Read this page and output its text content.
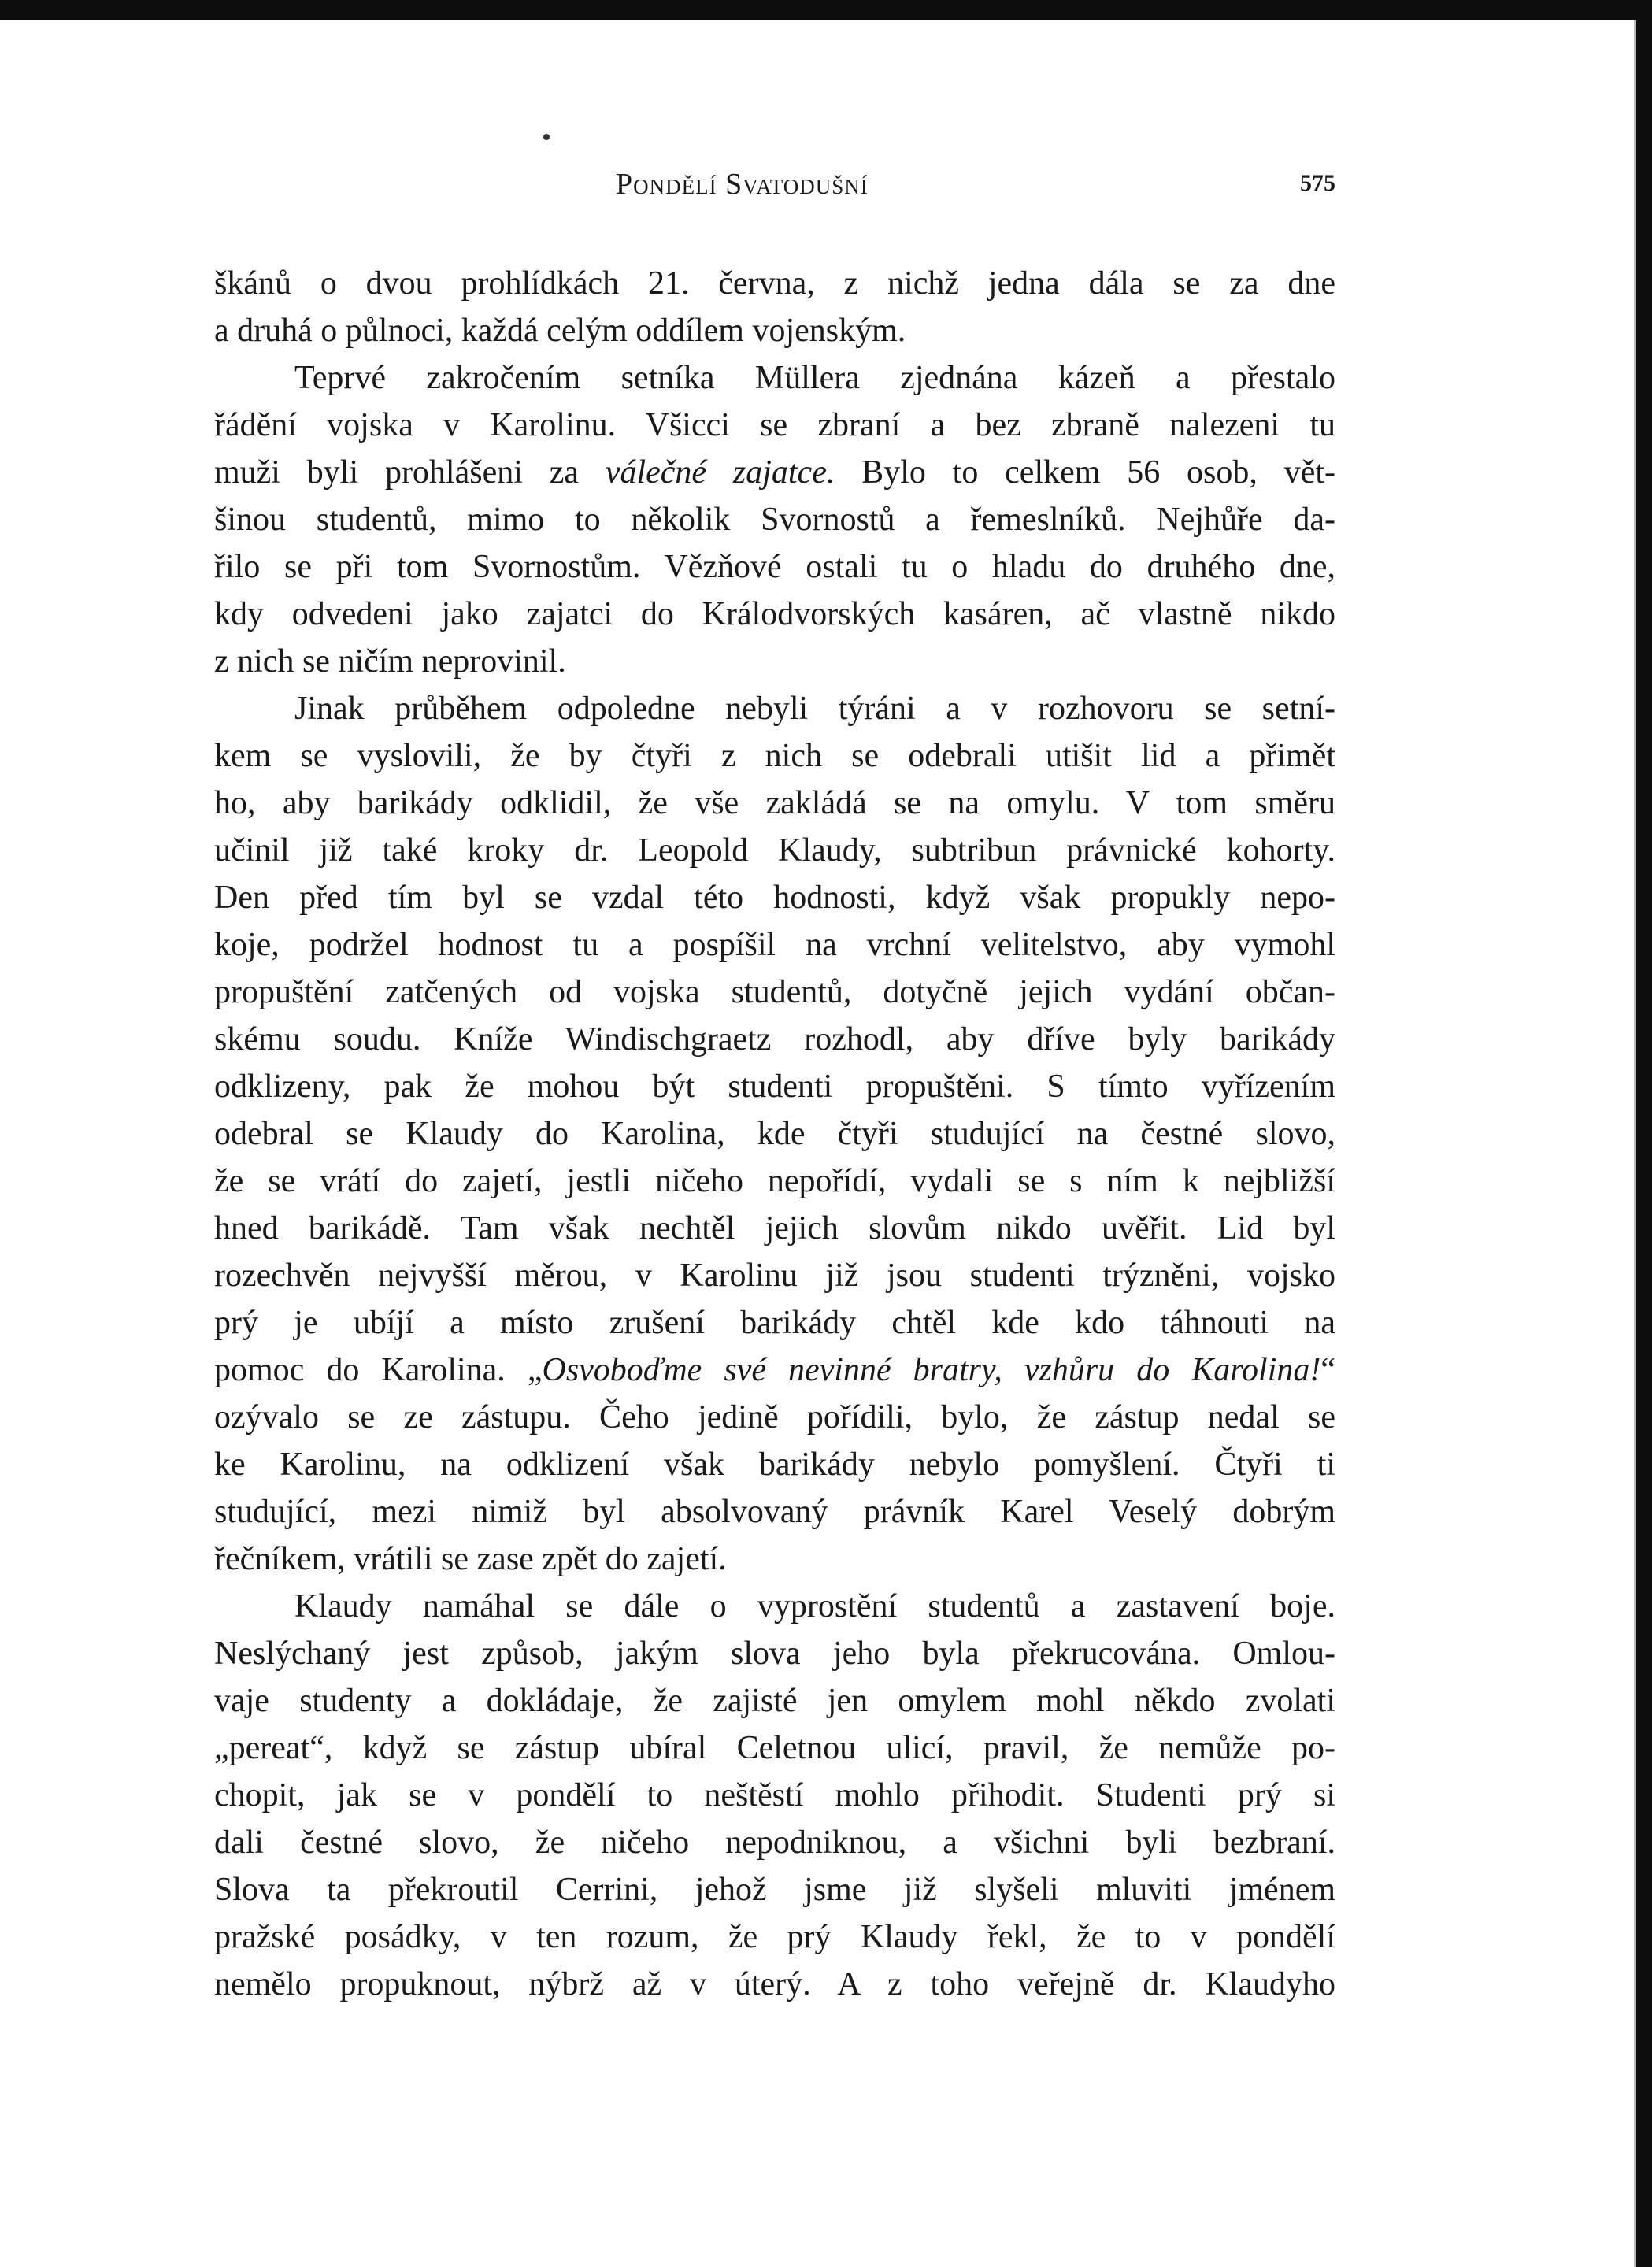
Pondělí Svatodušní	575
škánů o dvou prohlídkách 21. června, z nichž jedna dála se za dne
a druhá o půlnoci, každá celým oddílem vojenským.
Teprvé zakročením setníka Müllera zjednána kázeň a přestalo
řádění vojska v Karolinu. Všicci se zbraní a bez zbraně nalezeni tu
muži byli prohlášeni za válečné zajatce. Bylo to celkem 56 osob, vět-
šinou studentů, mimo to několik Svornostů a řemeslníků. Nejhůře da-
řilo se při tom Svornostům. Vězňové ostali tu o hladu do druhého dne,
kdy odvedeni jako zajatci do Králodvorských kasáren, ač vlastně nikdo
z nich se ničím neprovinil.
Jinak průběhem odpoledne nebyli týráni a v rozhovoru se setní-
kem se vyslovili, že by čtyři z nich se odebrali utišit lid a přimět
ho, aby barikády odklidil, že vše zakládá se na omylu. V tom směru
učinil již také kroky dr. Leopold Klaudy, subtribun právnické kohorty.
Den před tím byl se vzdal této hodnosti, když však propukly nepo-
koje, podržel hodnost tu a pospíšil na vrchní velitelstvo, aby vymohl
propuštění zatčených od vojska studentů, dotyčně jejich vydání občan-
skému soudu. Kníže Windischgraetz rozhodl, aby dříve byly barikády
odklizeny, pak že mohou být studenti propuštěni. S tímto vyřízením
odebral se Klaudy do Karolina, kde čtyři studující na čestné slovo,
že se vrátí do zajetí, jestli ničeho nepořídí, vydali se s ním k nejbližší
hned barikádě. Tam však nechtěl jejich slovům nikdo uvěřit. Lid byl
rozechvěn nejvyšší měrou, v Karolinu již jsou studenti trýzněni, vojsko
prý je ubíjí a místo zrušení barikády chtěl kde kdo táhnouti na
pomoc do Karolina. „Osvoboďme své nevinné bratry, vzhůru do Karolina!“
ozývalo se ze zástupu. Čeho jedině pořídili, bylo, že zástup nedal se
ke Karolinu, na odklizení však barikády nebylo pomyšlení. Čtyři ti
studující, mezi nimiž byl absolvovaný právník Karel Veselý dobrým
řečníkem, vrátili se zase zpět do zajetí.
Klaudy namáhal se dále o vyprostění studentů a zastavení boje.
Neslýchaný jest způsob, jakým slova jeho byla překrucována. Omlou-
vaje studenty a dokládaje, že zajisté jen omylem mohl někdo zvolati
„pereat“, když se zástup ubíral Celetnou ulicí, pravil, že nemůže po-
chopit, jak se v pondělí to neštěstí mohlo přihodit. Studenti prý si
dali čestné slovo, že ničeho nepodniknou, a všichni byli bezbraní.
Slova ta překroutil Cerrini, jehož jsme již slyšeli mluviti jménem
pražské posádky, v ten rozum, že prý Klaudy řekl, že to v pondělí
nemělo propuknout, nýbrž až v úterý. A z toho veřejně dr. Klaudyho
